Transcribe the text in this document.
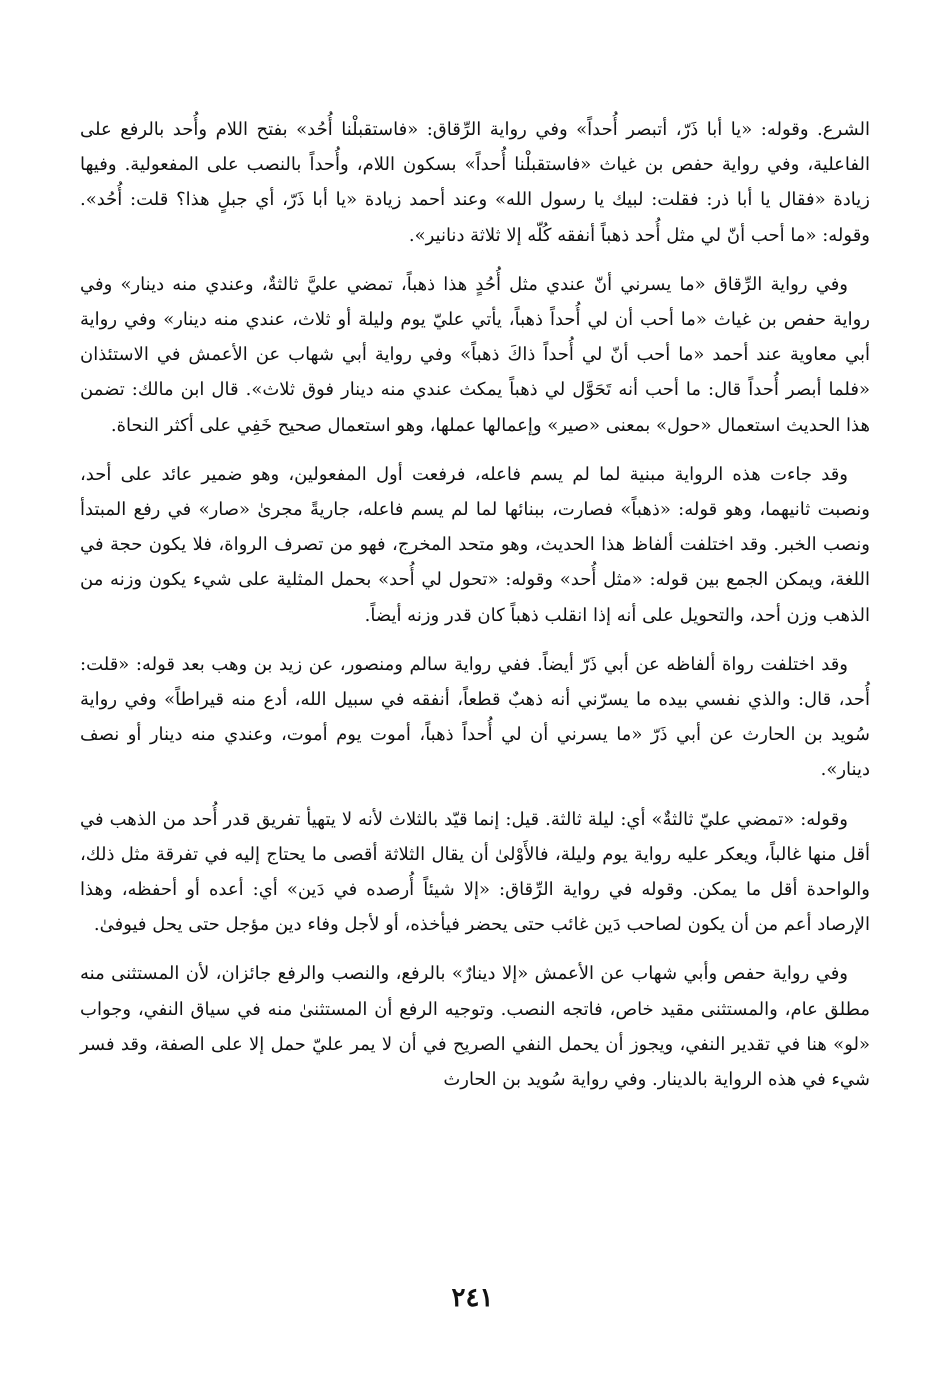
الشرع. وقوله: «يا أبا ذَرّ، أتبصر أُحداً» وفي رواية الرِّقاق: «فاستقبلْنا أُحُد» بفتح اللام وأُحد بالرفع على الفاعلية، وفي رواية حفص بن غياث «فاستقبلْنا أُحداً» بسكون اللام، وأُحداً بالنصب على المفعولية. وفيها زيادة «فقال يا أبا ذر: فقلت: لبيك يا رسول الله» وعند أحمد زيادة «يا أبا ذَرّ، أي جبلٍ هذا؟ قلت: أُحُد». وقوله: «ما أحب أنّ لي مثل أُحد ذهباً أنفقه كُلّه إلا ثلاثة دنانير».

وفي رواية الرِّقاق «ما يسرني أنّ عندي مثل أُحُدٍ هذا ذهباً، تمضي عليَّ ثالثةٌ، وعندي منه دينار» وفي رواية حفص بن غياث «ما أحب أن لي أُحداً ذهباً، يأتي عليّ يوم وليلة أو ثلاث، عندي منه دينار» وفي رواية أبي معاوية عند أحمد «ما أحب أنّ لي أُحداً ذاكَ ذهباً» وفي رواية أبي شهاب عن الأعمش في الاستئذان «فلما أبصر أُحداً قال: ما أحب أنه تَحَوَّل لي ذهباً يمكث عندي منه دينار فوق ثلاث». قال ابن مالك: تضمن هذا الحديث استعمال «حول» بمعنى «صير» وإعمالها عملها، وهو استعمال صحيح خَفِي على أكثر النحاة.

وقد جاءت هذه الرواية مبنية لما لم يسم فاعله، فرفعت أول المفعولين، وهو ضمير عائد على أحد، ونصبت ثانيهما، وهو قوله: «ذهباً» فصارت، ببنائها لما لم يسم فاعله، جاريةً مجرىٰ «صار» في رفع المبتدأ ونصب الخبر. وقد اختلفت ألفاظ هذا الحديث، وهو متحد المخرج، فهو من تصرف الرواة، فلا يكون حجة في اللغة، ويمكن الجمع بين قوله: «مثل أُحد» وقوله: «تحول لي أُحد» بحمل المثلية على شيء يكون وزنه من الذهب وزن أحد، والتحويل على أنه إذا انقلب ذهباً كان قدر وزنه أيضاً.

وقد اختلفت رواة ألفاظه عن أبي ذَرّ أيضاً. ففي رواية سالم ومنصور، عن زيد بن وهب بعد قوله: «قلت: أُحد، قال: والذي نفسي بيده ما يسرّني أنه ذهبٌ قطعاً، أنفقه في سبيل الله، أدع منه قيراطاً» وفي رواية سُويد بن الحارث عن أبي ذَرّ «ما يسرني أن لي أُحداً ذهباً، أموت يوم أموت، وعندي منه دينار أو نصف دينار».

وقوله: «تمضي عليّ ثالثةٌ» أي: ليلة ثالثة. قيل: إنما قيّد بالثلاث لأنه لا يتهيأ تفريق قدر أُحد من الذهب في أقل منها غالباً، ويعكر عليه رواية يوم وليلة، فالأَوْلىٰ أن يقال الثلاثة أقصى ما يحتاج إليه في تفرقة مثل ذلك، والواحدة أقل ما يمكن. وقوله في رواية الرِّقاق: «إلا شيئاً أُرصده في دَين» أي: أعده أو أحفظه، وهذا الإرصاد أعم من أن يكون لصاحب دَين غائب حتى يحضر فيأخذه، أو لأجل وفاء دين مؤجل حتى يحل فيوفىٰ.

وفي رواية حفص وأبي شهاب عن الأعمش «إلا دينارٌ» بالرفع، والنصب والرفع جائزان، لأن المستثنى منه مطلق عام، والمستثنى مقيد خاص، فاتجه النصب. وتوجيه الرفع أن المستثنىٰ منه في سياق النفي، وجواب «لو» هنا في تقدير النفي، ويجوز أن يحمل النفي الصريح في أن لا يمر عليّ حمل إلا على الصفة، وقد فسر شيء في هذه الرواية بالدينار. وفي رواية سُويد بن الحارث

٢٤١
